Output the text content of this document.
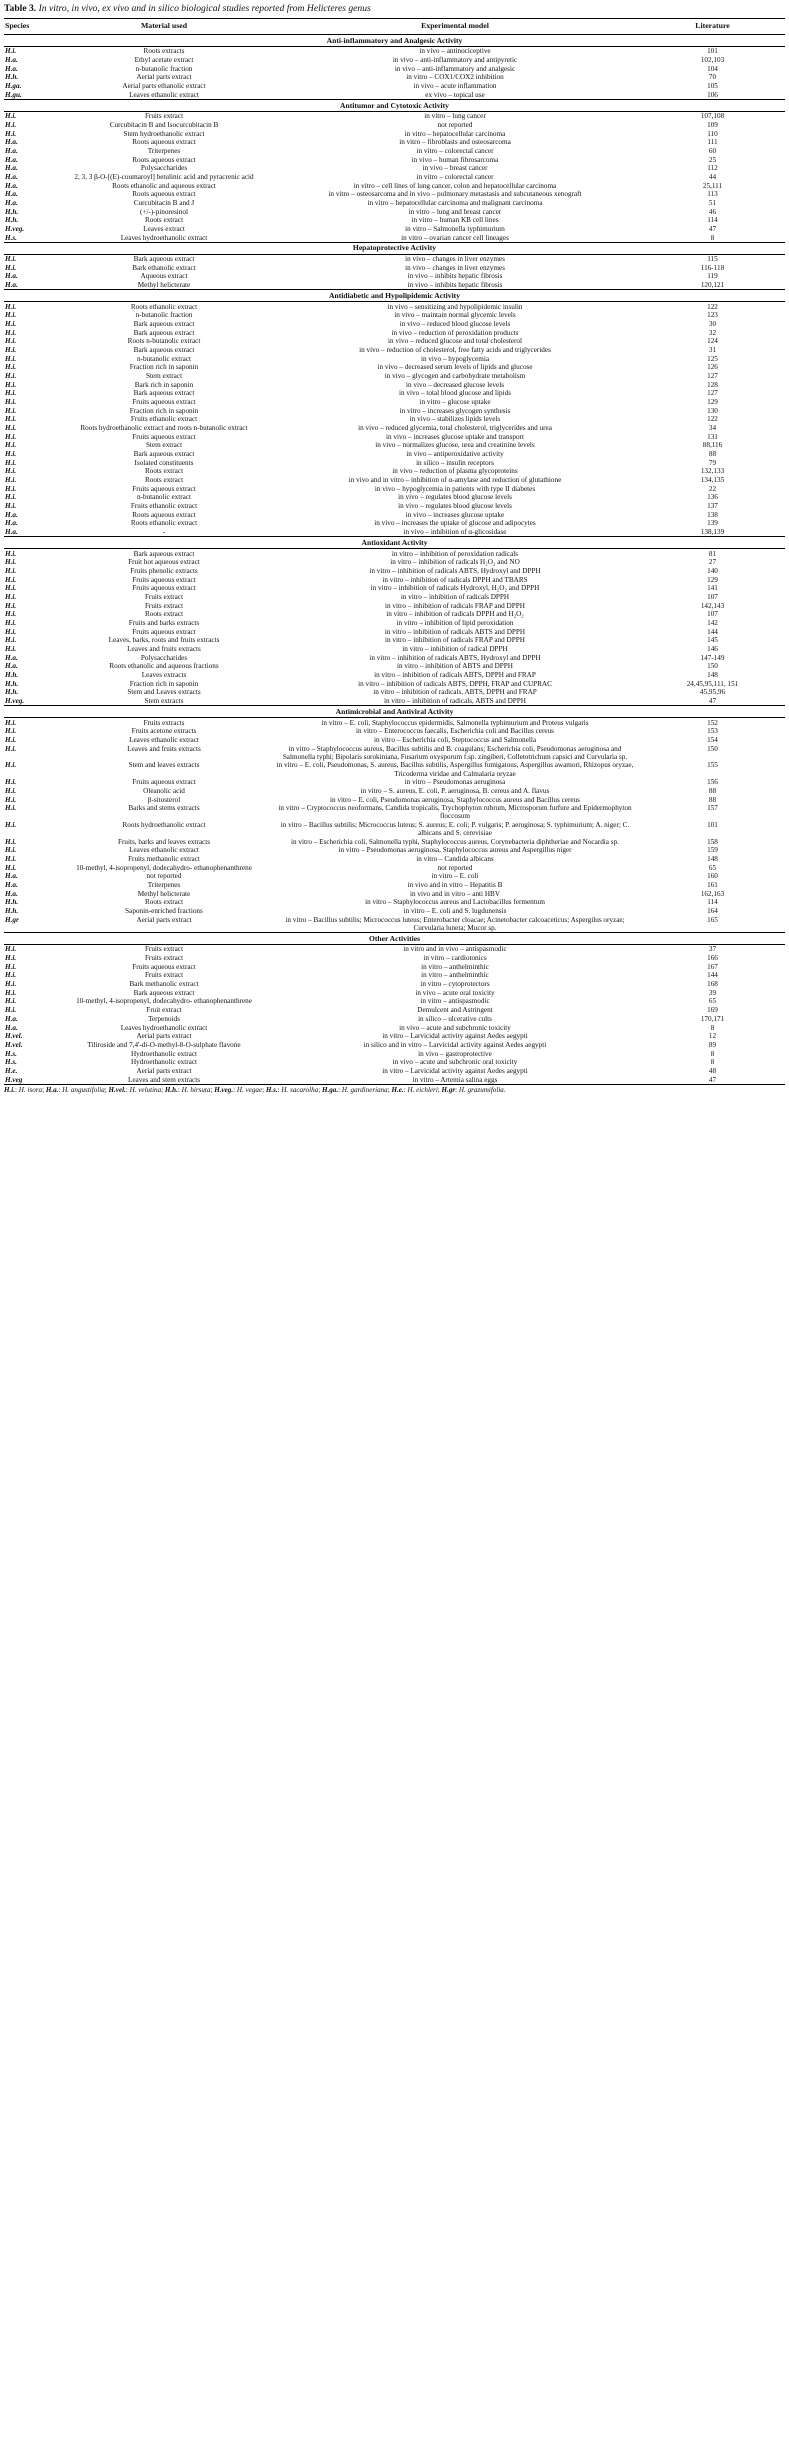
Table 3. In vitro, in vivo, ex vivo and in silico biological studies reported from Helicteres genus
Species	Material used	Experimental model	Literature
Anti-inflammatory and Analgesic Activity			
H.i.	Roots extracts	in vivo – antinociceptive	101
H.a.	Ethyl acetate extract	in vivo – anti-inflammatory and antipyretic	102,103
H.a.	n-butanolic fraction	in vivo – anti-inflammatory and analgesic	104
H.h.	Aerial parts extract	in vitro – COX1/COX2 inhibition	70
H.ga.	Aerial parts ethanolic extract	in vivo – acute inflammation	105
H.gu.	Leaves ethanolic extract	ex vivo – topical use	106
Antitumor and Cytotoxic Activity			
H.i.	Fruits extract	in vitro – lung cancer	107,108
H.i.	Curcubitacin B and Isocurcubitacin B	not reported	109
H.i.	Stem hydroethanolic extract	in vitro – hepatocellular carcinoma	110
H.a.	Roots aqueous extract	in vitro – fibroblasts and osteosarcoma	111
H.a.	Triterpenes	in vitro – colorectal cancer	60
H.a.	Roots aqueous extract	in vivo – human fibrosarcoma	25
H.a.	Polysaccharides	in vivo – breast cancer	112
H.a.	2, 3, 3 β-O-[(E)-coumaroyl] betulinic acid and pyracrenic acid	in vitro – colorectal cancer	44
H.a.	Roots ethanolic and aqueous extract	in vitro – cell lines of lung cancer, colon and hepatocellular carcinoma	25,111
H.a.	Roots aqueous extract	in vitro – osteosarcoma and in vivo – pulmonary metastasis and subcutaneous xenograft	113
H.a.	Curcubitacin B and J	in vitro – hepatocellular carcinoma and malignant carcinoma	51
H.h.	(+/-)-pinoresinol	in vitro – lung and breast cancer	46
H.h.	Roots extract	in vitro – human KB cell lines	114
H.veg.	Leaves extract	in vitro – Salmonella typhimurium	47
H.s.	Leaves hydroethanolic extract	in vitro – ovarian cancer cell lineages	8
Hepatoprotective Activity			
H.i.	Bark aqueous extract	in vivo – changes in liver enzymes	115
H.i.	Bark ethanolic extract	in vivo – changes in liver enzymes	116-118
H.a.	Aqueous extract	in vivo – inhibits hepatic fibrosis	119
H.a.	Methyl helicterate	in vivo – inhibits hepatic fibrosis	120,121
Antidiabetic and Hypolipidemic Activity			
H.i.	Roots ethanolic extract	in vivo – sensitizing and hypolipidemic insulin	122
H.i.	n-butanolic fraction	in vivo – maintain normal glycemic levels	123
H.i.	Bark aqueous extract	in vivo – reduced blood glucose levels	30
H.i.	Bark aqueous extract	in vivo – reduction of peroxidation products	32
H.i.	Roots n-butanolic extract	in vivo – reduced glucose and total cholesterol	124
H.i.	Bark aqueous extract	in vivo – reduction of cholesterol, free fatty acids and triglycerides	31
H.i.	n-butanolic extract	in vivo – hypoglycemia	125
H.i.	Fraction rich in saponin	in vivo – decreased serum levels of lipids and glucose	126
H.i.	Stem extract	in vivo – glycogen and carbohydrate metabolism	127
H.i.	Bark rich in saponin	in vivo – decreased glucose levels	128
H.i.	Bark aqueous extract	in vivo – total blood glucose and lipids	127
H.i.	Fruits aqueous extract	in vitro – glucose uptake	129
H.i.	Fraction rich in saponin	in vitro – increases glycogen synthesis	130
H.i.	Fruits ethanolic extract	in vivo – stabilizes lipids levels	122
H.i.	Roots hydroethanolic extract and roots n-butanolic extract	in vivo – reduced glycemia, total cholesterol, triglycerides and urea	34
H.i.	Fruits aqueous extract	in vivo – increases glucose uptake and transport	131
H.i.	Stem extract	in vivo – normalizes glucose, urea and creatinine levels	88,116
H.i.	Bark aqueous extract	in vivo – antiperoxidative activity	88
H.i.	Isolated constituents	in silico – insulin receptors	79
H.i.	Roots extract	in vivo – reduction of plasma glycoproteins	132,133
H.i.	Roots extract	in vivo and in vitro – inhibition of α-amylase and reduction of glutathione	134,135
H.i.	Fruits aqueous extract	in vivo – hypoglycemia in patients with type II diabetes	22
H.i.	n-butanolic extract	in vivo – regulates blood glucose levels	136
H.i.	Fruits ethanolic extract	in vivo – regulates blood glucose levels	137
H.a.	Roots aqueous extract	in vivo – increases glucose uptake	138
H.a.	Roots ethanolic extract	in vivo – increases the uptake of glucose and adipocytes	139
H.a.	-	in vivo – inhibition of α-glicosidase	138,139
Antioxidant Activity			
H.i.	Bark aqueous extract	in vitro – inhibition of peroxidation radicals	81
H.i.	Fruit hot aqueous extract	in vitro – inhibition of radicals H₂O₂ and NO	27
H.i.	Fruits phenolic extracts	in vitro – inhibition of radicals ABTS, Hydroxyl and DPPH	140
H.i.	Fruits aqueous extract	in vitro – inhibition of radicals DPPH and TBARS	129
H.i.	Fruits aqueous extract	in vitro – inhibition of radicals Hydroxyl, H₂O₂ and DPPH	141
H.i.	Fruits extract	in vitro – inhibition of radicals DPPH	107
H.i.	Fruits extract	in vitro – inhibition of radicals FRAP and DPPH	142,143
H.i.	Roots extract	in vitro – inhibition of radicals DPPH and H₂O₂	107
H.i.	Fruits and barks extracts	in vitro – inhibition of lipid peroxidation	142
H.i.	Fruits aqueous extract	in vitro – inhibition of radicals ABTS and DPPH	144
H.i.	Leaves, barks, roots and fruits extracts	in vitro – inhibition of radicals FRAP and DPPH	145
H.i.	Leaves and fruits extracts	in vitro – inhibition of radical DPPH	146
H.a.	Polysaccharides	in vitro – inhibition of radicals ABTS, Hydroxyl and DPPH	147-149
H.a.	Roots ethanolic and aqueous fractions	in vitro – inhibition of ABTS and DPPH	150
H.h.	Leaves extracts	in vitro – inhibition of radicals ABTS, DPPH and FRAP	148
H.h.	Fraction rich in saponin	in vitro – inhibition of radicals ABTS, DPPH, FRAP and CUPRAC	24,45,95,111, 151
H.h.	Stem and Leaves extracts	in vitro – inhibition of radicals, ABTS, DPPH and FRAP	45,95,96
H.veg.	Stem extracts	in vitro – inhibition of radicals, ABTS and DPPH	47
Antimicrobial and Antiviral Activity			
H.i.	Fruits extracts	in vitro – E. coli, Staphylococcus epidermidis, Salmonella typhimurium and Proteus vulgaris	152
H.i.	Fruits acetone extracts	in vitro – Enterococcus faecalis, Escherichia coli and Bacillus cereus	153
H.i.	Leaves ethanolic extract	in vitro – Escherichia coli, Steptococcus and Salmonella	154
H.i.	Leaves and fruits extracts	in vitro – Staphylococcus aureus, Bacillus subtilis and B. coagulans; Escherichia coli, Pseudomonas aeruginosa and Salmonella typhi; Bipolaris sorokiniana, Fusarium oxysporum f.sp. zingiberi, Colletotrichum capsici and Curvularia sp.	150
H.i.	Stem and leaves extracts	in vitro – E. coli, Pseudomonas, S. aureus, Bacillus subtilis, Aspergillus fumigatous, Aspergillus awamori, Rhizopus oryzae, Tricoderma viridae and Calmalaria oryzae	155
H.i.	Fruits aqueous extract	in vitro – Pseudomonas aeruginosa	156
H.i.	Oleanolic acid	in vitro – S. aureus, E. coli, P. aeruginosa, B. cereus and A. flavus	88
H.i.	β-sitosterol	in vitro – E. coli, Pseudomonas aeruginosa, Staphylococcus aureus and Bacillus cereus	88
H.i.	Barks and stems extracts	in vitro – Cryptococcus neoformans, Candida tropicalis, Trychophyton rubrum, Microsporum furfure and Epidermophyton floccosum	157
H.i.	Roots hydroethanolic extract	in vitro – Bacillus subtilis; Micrococcus luteus; S. aureus; E. coli; P. vulgaris; P. aeruginosa; S. typhimurium; A. niger; C. albicans and S. cerevisiae	101
H.i.	Fruits, barks and leaves extracts	in vitro – Escherichia coli, Salmonella typhi, Staphylococcus aureus, Corynebacteria diphtheriae and Nocardia sp.	158
H.i.	Leaves ethanolic extract	in vitro – Pseudomonas aeruginosa, Staphylococcus aureus and Aspergillus niger	159
H.i.	Fruits methanolic extract	in vitro – Candida albicans	148
H.i.	10-methyl, 4-isopropenyl, dodecahydro- ethanophenanthrene	not reported	65
H.a.	not reported	in vitro – E. coli	160
H.a.	Triterpenes	in vivo and in vitro – Hepatitis B	161
H.a.	Methyl helicterate	in vivo and in vitro – anti HBV	162,163
H.h.	Roots extract	in vitro – Staphylococcus aureus and Lactobacillus fermentum	114
H.h.	Saponin-enriched fractions	in vitro – E. coli and S. lugdunensis	164
H.gr	Aerial parts extract	in vitro – Bacillus subtilis; Micrococcus luteus; Enterobacter cloacae; Acinetobacter calcoaceticus; Aspergilus oryzae; Curvularia luneta; Mucor sp.	165
Other Activities			
H.i.	Fruits extract	in vitro and in vivo – antispasmodic	37
H.i.	Fruits extract	in vitro – cardiotonics	166
H.i.	Fruits aqueous extract	in vitro – anthelminthic	167
H.i.	Fruits extract	in vitro – anthelminthic	144
H.i.	Bark methanolic extract	in vitro – cytoprotectors	168
H.i.	Bark aqueous extract	in vivo – acute oral toxicity	39
H.i.	10-methyl, 4-isopropenyl, dodecahydro- ethanophenanthrene	in vitro – antispasmodic	65
H.i.	Fruit extract	Demulcent and Astringent	169
H.a.	Terpenoids	in silico – ulcerative cults	170,171
H.a.	Leaves hydroethanolic extract	in vivo – acute and subchronic toxicity	8
H.vel.	Aerial parts extract	in vitro – Larvicidal activity against Aedes aegypti	12
H.vel.	Tiliroside and 7,4'-di-O-methyl-8-O-sulphate flavone	in silico and in vitro – Larvicidal activity against Aedes aegypti	89
H.s.	Hydroethanolic extract	in vivo – gastroprotective	8
H.s.	Hydroethanolic extract	in vivo – acute and subchronic oral toxicity	8
H.e.	Aerial parts extract	in vitro – Larvicidal activity against Aedes aegypti	48
H.veg	Leaves and stem extracts	in vitro – Artemia salina eggs	47
H.i.: H. isora; H.a.: H. angustifolia; H.vel.: H. velutina; H.h.: H. hirsuta; H.veg.: H. vegae; H.s.: H. sacarolha; H.ga.: H. gardineriana; H.e.: H. eichleri; H.gr: H. grazumifolia.
